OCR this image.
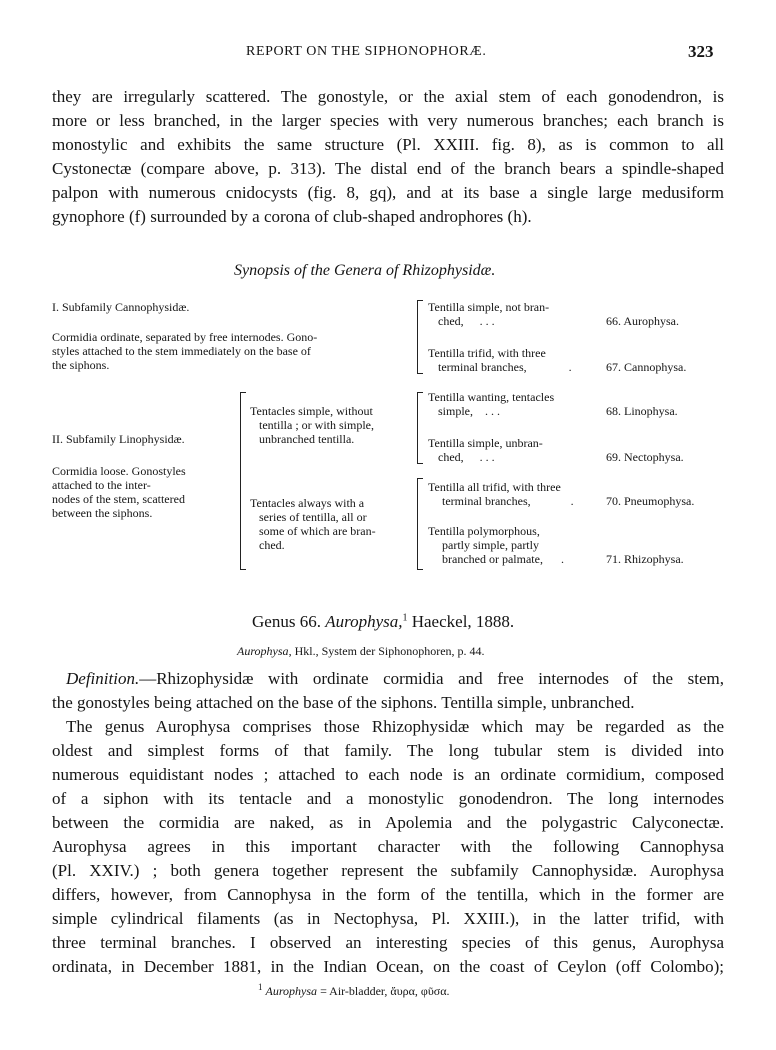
REPORT ON THE SIPHONOPHORÆ.	323
they are irregularly scattered. The gonostyle, or the axial stem of each gonodendron, is
more or less branched, in the larger species with very numerous branches; each branch is
monostylic and exhibits the same structure (Pl. XXIII. fig. 8), as is common to all
Cystonectæ (compare above, p. 313). The distal end of the branch bears a spindle-shaped
palpon with numerous cnidocysts (fig. 8, gq), and at its base a single large medusiform
gynophore (f) surrounded by a corona of club-shaped androphores (h).
Synopsis of the Genera of Rhizophysidæ.
I. Subfamily Cannophysidæ.
Cormidia ordinate, separated by free internodes. Gono-
styles attached to the stem immediately on the base of
the siphons.
Tentilla simple, not bran-
ched, . . .	66. Aurophysa.
Tentilla trifid, with three
terminal branches,	.	67. Cannophysa.
II. Subfamily Linophysidæ.
Cormidia loose. Gonostyles
attached to the inter-
nodes of the stem, scattered
between the siphons.
Tentacles simple, without
tentilla ; or with simple,
unbranched tentilla.
Tentacles always with a
series of tentilla, all or
some of which are bran-
ched.
Tentilla wanting, tentacles
simple, . . .	68. Linophysa.
Tentilla simple, unbran-
ched, . . .	69. Nectophysa.
Tentilla all trifid, with three
terminal branches,	.	70. Pneumophysa.
Tentilla polymorphous,
partly simple, partly
branched or palmate, .	71. Rhizophysa.
Genus 66. Aurophysa,$^1$ Haeckel, 1888.
Aurophysa, Hkl., System der Siphonophoren, p. 44.
Definition.—Rhizophysidæ with ordinate cormidia and free internodes of the stem,
the gonostyles being attached on the base of the siphons. Tentilla simple, unbranched.
The genus Aurophysa comprises those Rhizophysidæ which may be regarded as the
oldest and simplest forms of that family. The long tubular stem is divided into
numerous equidistant nodes ; attached to each node is an ordinate cormidium, composed
of a siphon with its tentacle and a monostylic gonodendron. The long internodes
between the cormidia are naked, as in Apolemia and the polygastric Calyconectæ.
Aurophysa agrees in this important character with the following Cannophysa
(Pl. XXIV.) ; both genera together represent the subfamily Cannophysidæ. Aurophysa
differs, however, from Cannophysa in the form of the tentilla, which in the former are
simple cylindrical filaments (as in Nectophysa, Pl. XXIII.), in the latter trifid, with
three terminal branches. I observed an interesting species of this genus, Aurophysa
ordinata, in December 1881, in the Indian Ocean, on the coast of Ceylon (off Colombo);
$^1$ Aurophysa = Air-bladder, ἄυρα, φῦσα.
